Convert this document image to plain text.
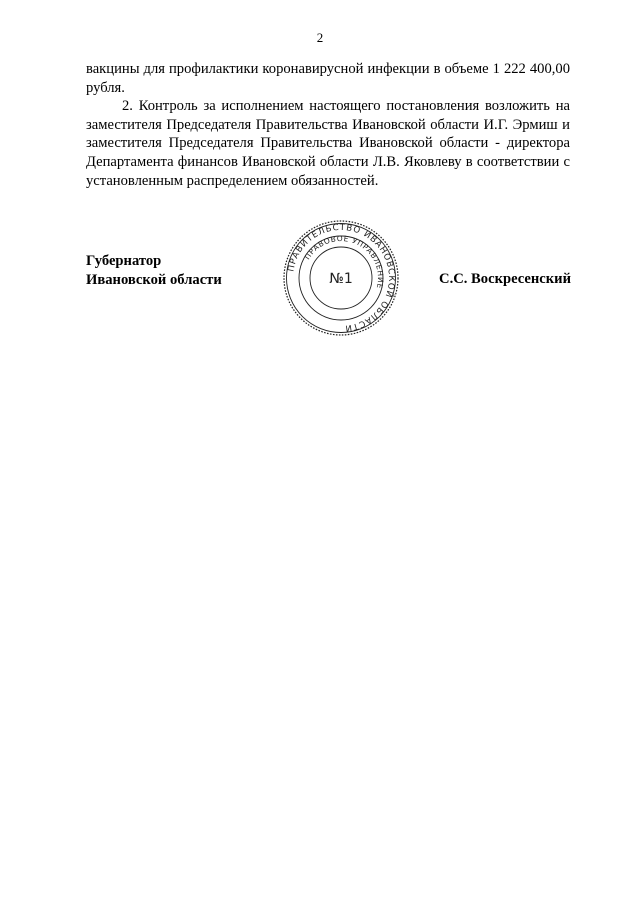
2

вакцины для профилактики коронавирусной инфекции в объеме 1 222 400,00 рубля.

2. Контроль за исполнением настоящего постановления возложить на заместителя Председателя Правительства Ивановской области И.Г. Эрмиш и заместителя Председателя Правительства Ивановской области - директора Департамента финансов Ивановской области Л.В. Яковлеву в соответствии с установленным распределением обязанностей.

Губернатор
Ивановской области
ПРАВИТЕЛЬСТВО ИВАНОВСКОЙ ОБЛАСТИ
ПРАВОВОЕ УПРАВЛЕНИЕ
№1	С.С. Воскресенский
